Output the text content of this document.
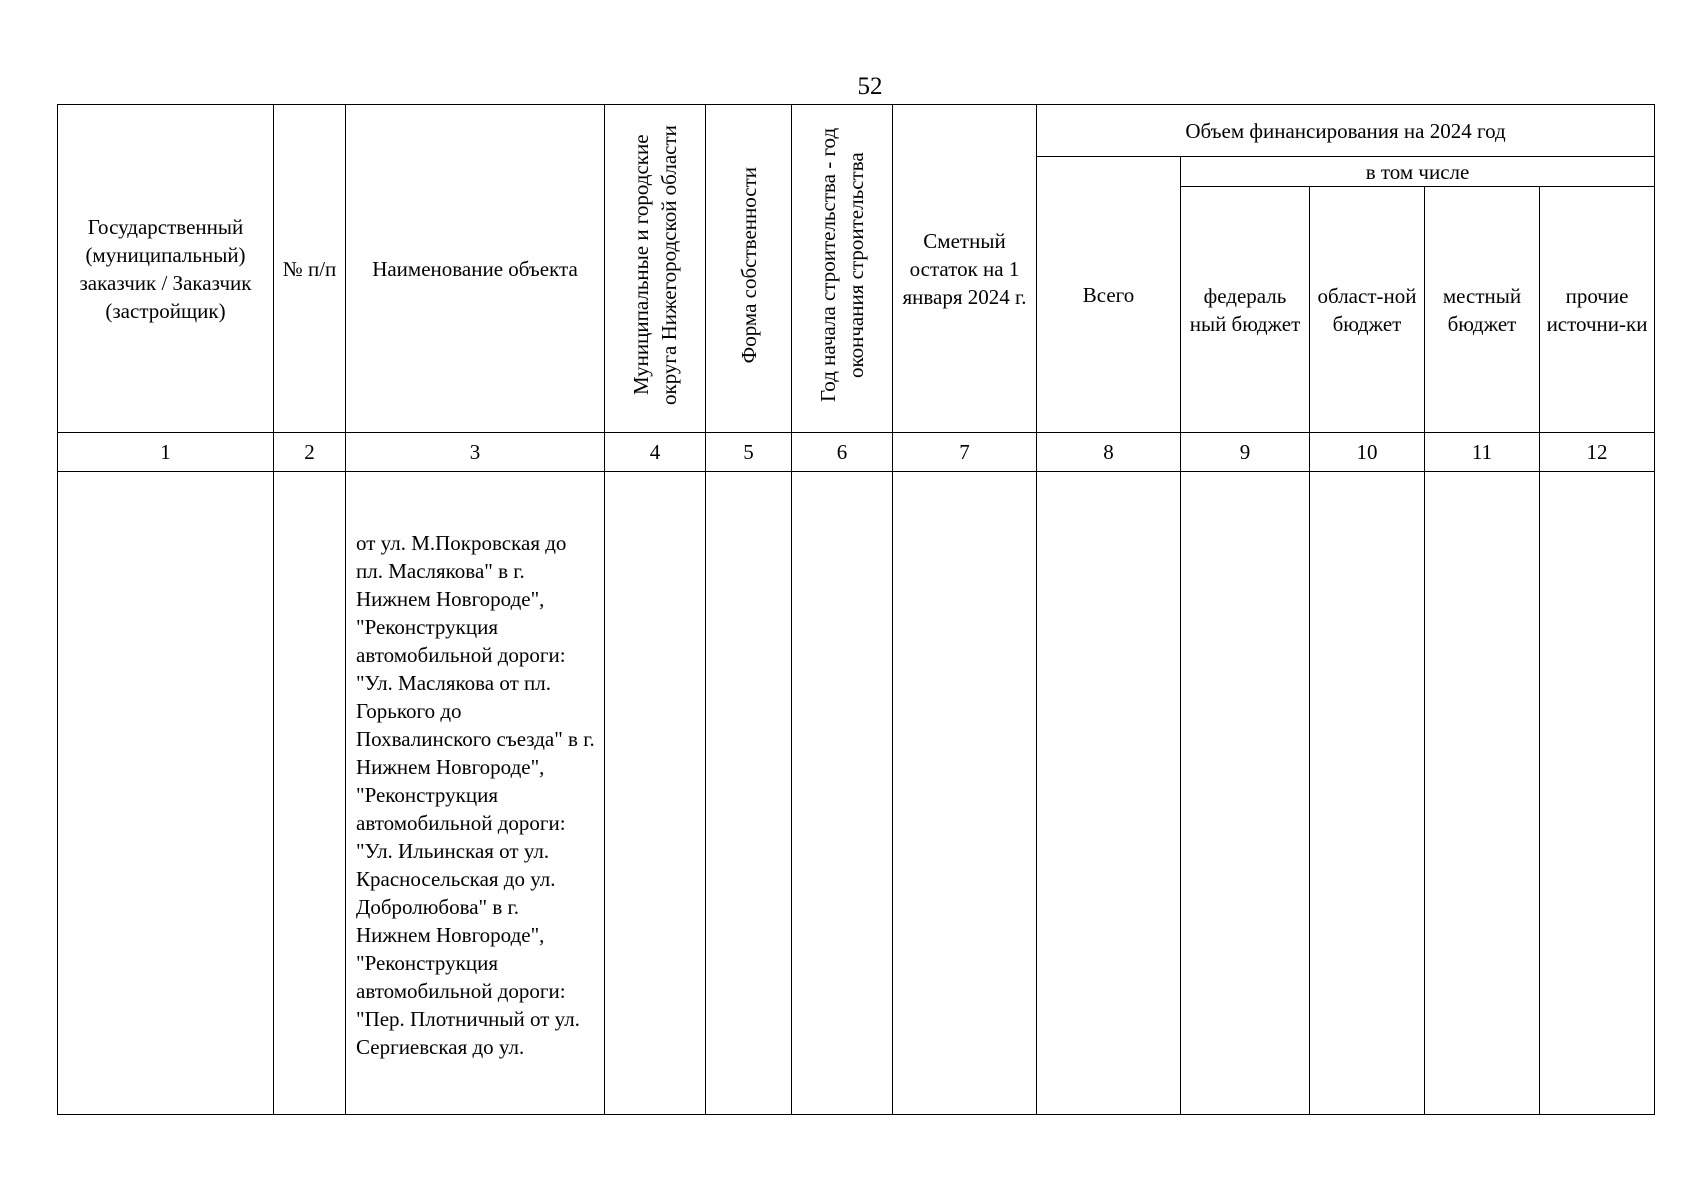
52
Государственный (муниципальный) заказчик / Заказчик (застройщик)	№ п/п	Наименование объекта	Муниципальные и городские округа Нижегородской области	Форма собственности	Год начала строительства - год окончания строительства	Сметный остаток на 1 января 2024 г.	Объем финансирования на 2024 год				

							Всего	в том числе			

								федераль ный бюджет	област-ной бюджет	местный бюджет	прочие источни-ки

1	2	3	4	5	6	7	8	9	10	11	12

		от ул. М.Покровская до пл. Маслякова" в г. Нижнем Новгороде", "Реконструкция автомобильной дороги: "Ул. Маслякова от пл. Горького до Похвалинского съезда" в г. Нижнем Новгороде", "Реконструкция автомобильной дороги: "Ул. Ильинская от ул. Красносельская до ул. Добролюбова" в г. Нижнем Новгороде", "Реконструкция автомобильной дороги: "Пер. Плотничный от ул. Сергиевская до ул.									
